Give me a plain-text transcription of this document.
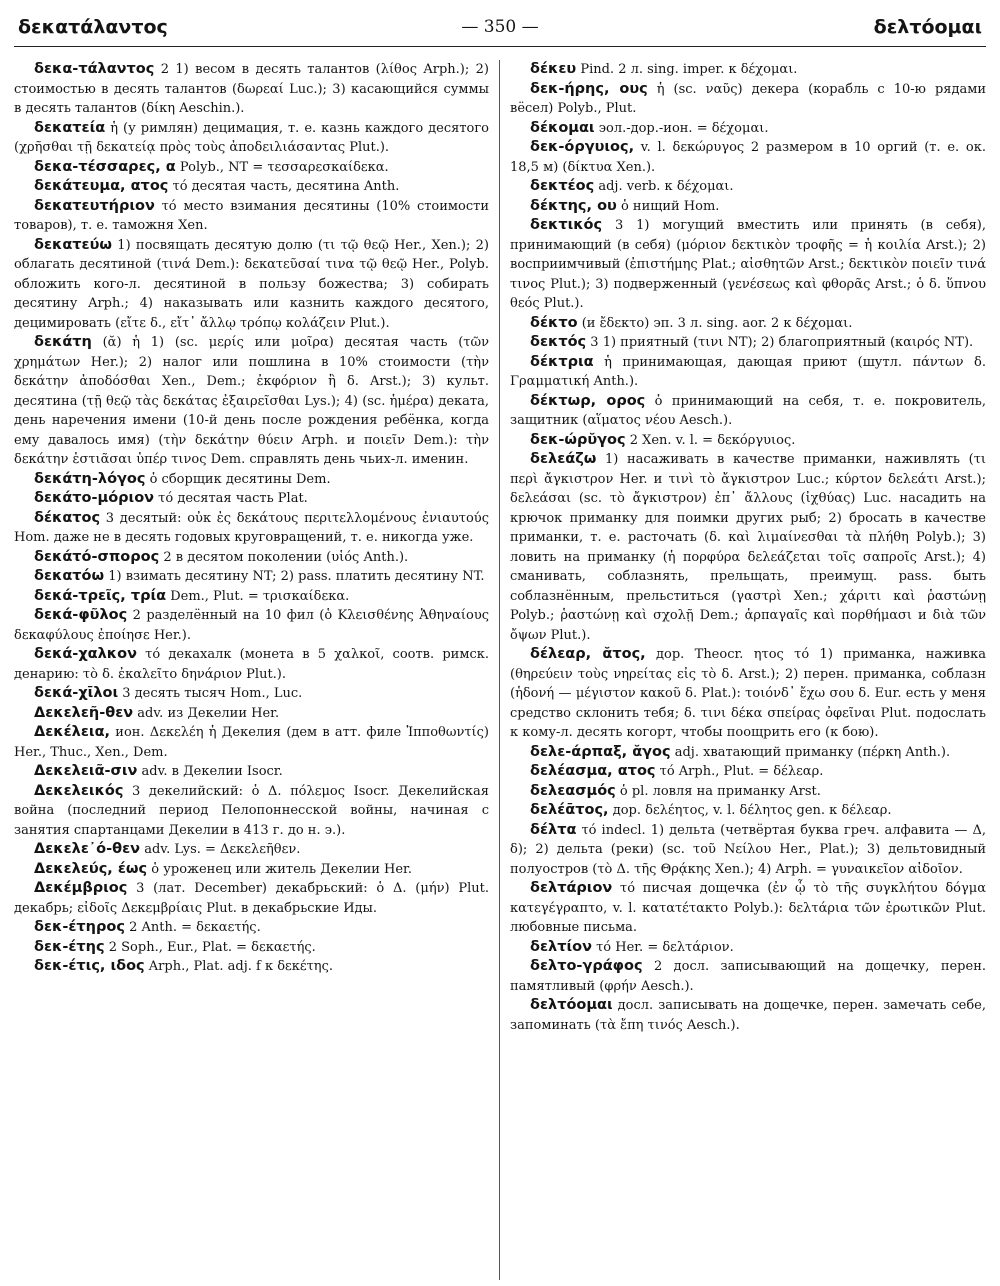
δεκατάλαντος	— 350 —	δελτόομαι

δεκα-τάλαντος 2 1) весом в десять талантов (λίθος Arph.); 2) стоимостью в десять талантов (δωρεαί Luc.); 3) касающийся суммы в десять талантов (δίκη Aeschin.).

δεκατεία ἡ (у римлян) децимация, т. е. казнь каждого десятого (χρῆσθαι τῇ δεκατείᾳ πρὸς τοὺς ἀποδειλιάσαντας Plut.).

δεκα-τέσσαρες, α Polyb., NT = τεσσαρεσκαίδεκα.

δεκάτευμα, ατος τό десятая часть, десятина Anth.

δεκατευτήριον τό место взимания десятины (10% стоимости товаров), т. е. таможня Xen.

δεκατεύω 1) посвящать десятую долю (τι τῷ θεῷ Her., Xen.); 2) облагать десятиной (τινά Dem.): δεκατεῦσαί τινα τῷ θεῷ Her., Polyb. обложить кого-л. десятиной в пользу божества; 3) собирать десятину Arph.; 4) наказывать или казнить каждого десятого, децимировать (εἴτε δ., εἴτ᾽ ἄλλῳ τρόπῳ κολάζειν Plut.).

δεκάτη (ᾰ) ἡ 1) (sc. μερίς или μοῖρα) десятая часть (τῶν χρημάτων Her.); 2) налог или пошлина в 10% стоимости (τὴν δεκάτην ἀποδόσθαι Xen., Dem.; ἐκφόριον ἢ δ. Arst.); 3) культ. десятина (τῇ θεῷ τὰς δεκάτας ἐξαιρεῖσθαι Lys.); 4) (sc. ἡμέρα) деката, день наречения имени (10-й день после рождения ребёнка, когда ему давалось имя) (τὴν δεκάτην θύειν Arph. и ποιεῖν Dem.): τὴν δεκάτην ἑστιᾶσαι ὑπέρ τινος Dem. справлять день чьих-л. именин.

δεκάτη-λόγος ὁ сборщик десятины Dem.

δεκάτο-μόριον τό десятая часть Plat.

δέκατος 3 десятый: οὐκ ἐς δεκάτους περιτελλομένους ἐνιαυτούς Hom. даже не в десять годовых круговращений, т. е. никогда уже.

δεκάτό-σπορος 2 в десятом поколении (υἱός Anth.).

δεκατόω 1) взимать десятину NT; 2) pass. платить десятину NT.

δεκά-τρεῖς, τρία Dem., Plut. = τρισκαίδεκα.

δεκά-φῦλος 2 разделённый на 10 фил (ὁ Κλεισθένης Ἀθηναίους δεκαφύλους ἐποίησε Her.).

δεκά-χαλκον τό декахалк (монета в 5 χαλκοῖ, соотв. римск. денарию: τὸ δ. ἐκαλεῖτο δηνάριον Plut.).

δεκά-χῑλοι 3 десять тысяч Hom., Luc.

Δεκελεῆ-θεν adv. из Декелии Her.

Δεκέλεια, ион. Δεκελέη ἡ Декелия (дем в атт. филе Ἱπποθωντίς) Her., Thuc., Xen., Dem.

Δεκελειᾶ-σιν adv. в Декелии Isocr.

Δεκελεικός 3 декелийский: ὁ Δ. πόλεμος Isocr. Декелийская война (последний период Пелопоннесской войны, начиная с занятия спартанцами Декелии в 413 г. до н. э.).

Δεκελε᾽ό-θεν adv. Lys. = Δεκελεῆθεν.

Δεκελεύς, έως ὁ уроженец или житель Декелии Her.

Δεκέμβριος 3 (лат. December) декабрьский: ὁ Δ. (μήν) Plut. декабрь; εἰδοῖς Δεκεμβρίαις Plut. в декабрьские Иды.

δεκ-έτηρος 2 Anth. = δεκαετής.

δεκ-έτης 2 Soph., Eur., Plat. = δεκαετής.

δεκ-έτις, ιδος Arph., Plat. adj. f к δεκέτης.

δέκευ Pind. 2 л. sing. imper. к δέχομαι.

δεκ-ήρης, ους ἡ (sc. ναῦς) декера (корабль с 10-ю рядами вёсел) Polyb., Plut.

δέκομαι эол.-дор.-ион. = δέχομαι.

δεκ-όργυιος, v. l. δεκώρυγος 2 размером в 10 оргий (т. е. ок. 18,5 м) (δίκτυα Xen.).

δεκτέος adj. verb. к δέχομαι.

δέκτης, ου ὁ нищий Hom.

δεκτικός 3 1) могущий вместить или принять (в себя), принимающий (в себя) (μόριον δεκτικὸν τροφῆς = ἡ κοιλία Arst.); 2) восприимчивый (ἐπιστήμης Plat.; αἰσθητῶν Arst.; δεκτικὸν ποιεῖν τινά τινος Plut.); 3) подверженный (γενέσεως καὶ φθορᾶς Arst.; ὁ δ. ὕπνου θεός Plut.).

δέκτο (и ἔδεκτο) эп. 3 л. sing. aor. 2 к δέχομαι.

δεκτός 3 1) приятный (τινι NT); 2) благоприятный (καιρός NT).

δέκτρια ἡ принимающая, дающая приют (шутл. πάντων δ. Γραμματική Anth.).

δέκτωρ, ορος ὁ принимающий на себя, т. е. покровитель, защитник (αἵματος νέου Aesch.).

δεκ-ώρῠγος 2 Xen. v. l. = δεκόργυιος.

δελεάζω 1) насаживать в качестве приманки, наживлять (τι περὶ ἄγκιστρον Her. и τινὶ τὸ ἄγκιστρον Luc.; κύρτον δελεάτι Arst.); δελεάσαι (sc. τὸ ἄγκιστρον) ἐπ᾽ ἄλλους (ἰχθύας) Luc. насадить на крючок приманку для поимки других рыб; 2) бросать в качестве приманки, т. е. расточать (δ. καὶ λιμαίνεσθαι τὰ πλήθη Polyb.); 3) ловить на приманку (ἡ πορφύρα δελεάζεται τοῖς σαπροῖς Arst.); 4) сманивать, соблазнять, прельщать, преимущ. pass. быть соблазнённым, прельститься (γαστρὶ Xen.; χάριτι καὶ ῥαστώνῃ Polyb.; ῥαστώνῃ καὶ σχολῇ Dem.; ἁρπαγαῖς καὶ πορθήμασι и διὰ τῶν ὄψων Plut.).

δέλεαρ, ᾰτος, дор. Theocr. ητος τό 1) приманка, наживка (θηρεύειν τοὺς νηρείτας εἰς τὸ δ. Arst.); 2) перен. приманка, соблазн (ἡδονή — μέγιστον κακοῦ δ. Plat.): τοιόνδ᾽ ἔχω σου δ. Eur. есть у меня средство склонить тебя; δ. τινι δέκα σπείρας ὀφεῖναι Plut. подослать к кому-л. десять когорт, чтобы поощрить его (к бою).

δελε-άρπαξ, ᾰγος adj. хватающий приманку (πέρκη Anth.).

δελέασμα, ατος τό Arph., Plut. = δέλεαρ.

δελεασμός ὁ pl. ловля на приманку Arst.

δελέᾱτος, дор. δελέητος, v. l. δέλητος gen. к δέλεαρ.

δέλτα τό indecl. 1) дельта (четвёртая буква греч. алфавита — Δ, δ); 2) дельта (реки) (sc. τοῦ Νείλου Her., Plat.); 3) дельтовидный полуостров (τὸ Δ. τῆς Θρᾴκης Xen.); 4) Arph. = γυναικεῖον αἰδοῖον.

δελτάριον τό писчая дощечка (ἐν ᾧ τὸ τῆς συγκλήτου δόγμα κατεγέγραπτο, v. l. κατατέτακτο Polyb.): δελτάρια τῶν ἐρωτικῶν Plut. любовные письма.

δελτίον τό Her. = δελτάριον.

δελτο-γράφος 2 досл. записывающий на дощечку, перен. памятливый (φρήν Aesch.).

δελτόομαι досл. записывать на дощечке, перен. замечать себе, запоминать (τὰ ἔπη τινός Aesch.).
